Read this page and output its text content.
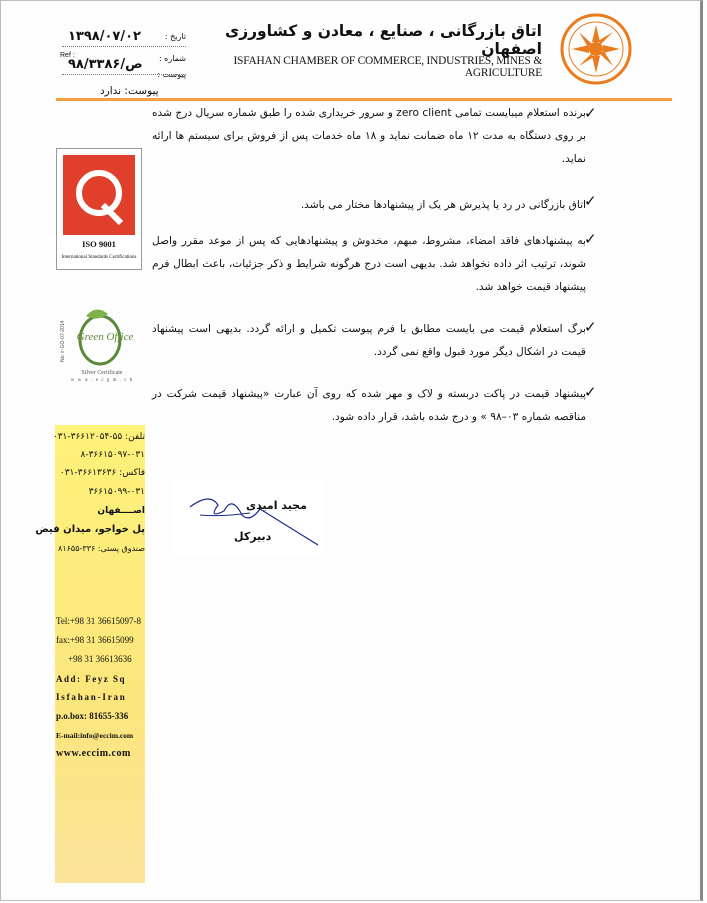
اتاق بازرگانی ، صنایع ، معادن و کشاورزی اصفهان
ISFAHAN CHAMBER OF COMMERCE, INDUSTRIES, MINES & AGRICULTURE
۱۳۹۸/۰۷/۰۲	تاریخ :
Ref :
۹۸/ص/۳۳۸۶ شماره :
پیوست :
پیوست: ندارد
ISO 9001
International Standards Certifications
Green Office
Silver Certificate
w w w . e c g m . c h
No: ir-GO-07-2014
تلفن: ۵۵-۳۶۶۱۲۰۵۴-۰۳۱
۸-۳۶۶۱۵۰۹۷-۰۳۱
فاکس: ۳۶۶۱۳۶۳۶-۰۳۱
۳۶۶۱۵۰۹۹-۰۳۱
اصــــفهان
پل خواجو، میدان فیض
صندوق پستی: ۳۳۶-۸۱۶۵۵
Tel:+98 31 36615097-8
fax:+98 31 36615099
+98 31 36613636
Add: Feyz Sq
Isfahan-Iran
p.o.box: 81655-336
E-mail:info@eccim.com
www.eccim.com
✓
برنده استعلام میبایست تمامی zero client و سرور خریداری شده را طبق شماره سریال درج شده بر روی دستگاه به مدت ۱۲ ماه ضمانت نماید و ۱۸ ماه خدمات پس از فروش برای سیستم ها ارائه نماید.
✓
اتاق بازرگانی در رد یا پذیرش هر یک از پیشنهادها مختار می باشد.
✓
به پیشنهادهای فاقد امضاء، مشروط، مبهم، مخدوش و پیشنهادهایی که پس از موعد مقرر واصل شوند، ترتیب اثر داده نخواهد شد. بدیهی است درج هرگونه شرایط و ذکر جزئیات، باعث ابطال فرم پیشنهاد قیمت خواهد شد.
✓
برگ استعلام قیمت می بایست مطابق با فرم پیوست تکمیل و ارائه گردد. بدیهی است پیشنهاد قیمت در اشکال دیگر مورد قبول واقع نمی گردد.
✓
پیشنهاد قیمت در پاکت دربسته و لاک و مهر شده که روی آن عبارت «پیشنهاد قیمت شرکت در مناقصه شماره ۰۳–۹۸ » و درج شده باشد، قرار داده شود.
مجید امیدی
دبیرکل
